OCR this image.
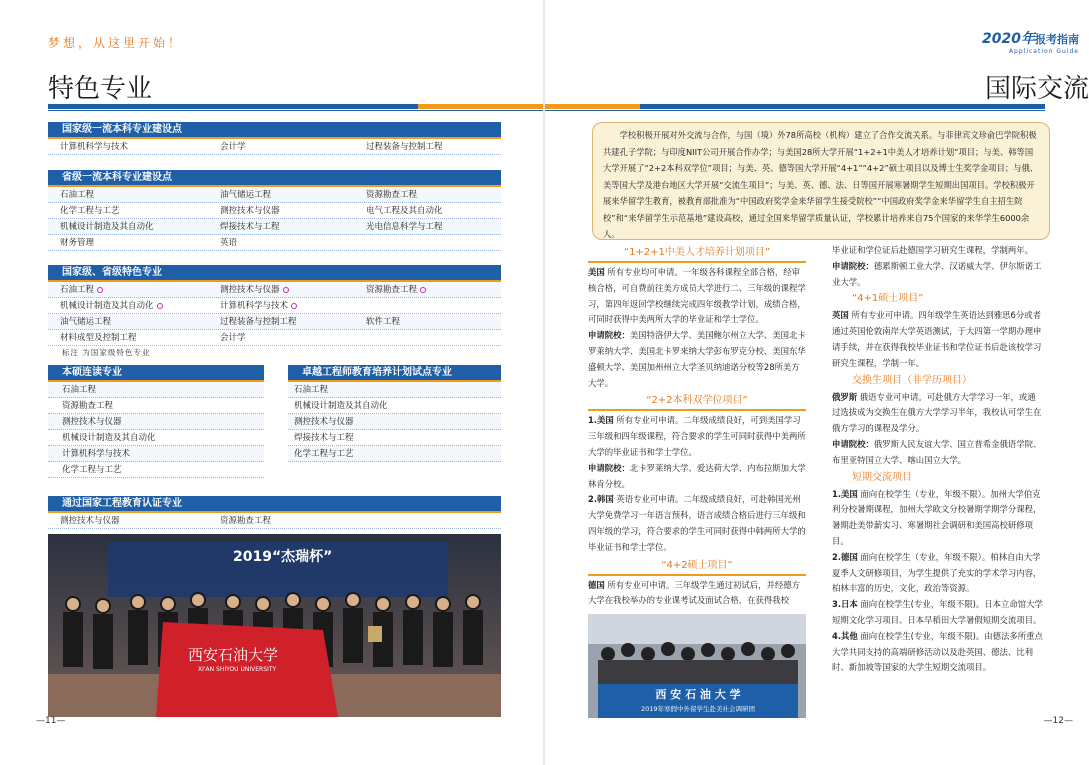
梦想，从这里开始！
特色专业
国家级一流本科专业建设点
计算机科学与技术	会计学	过程装备与控制工程
省级一流本科专业建设点
石油工程	油气储运工程	资源勘查工程
化学工程与工艺	测控技术与仪器	电气工程及其自动化
机械设计制造及其自动化	焊接技术与工程	光电信息科学与工程
财务管理	英语
国家级、省级特色专业
石油工程	测控技术与仪器	资源勘查工程
机械设计制造及其自动化	计算机科学与技术
油气储运工程	过程装备与控制工程	软件工程
材料成型及控制工程	会计学
标注 为国家级特色专业
本硕连读专业
石油工程
资源勘查工程
测控技术与仪器
机械设计制造及其自动化
计算机科学与技术
化学工程与工艺
卓越工程师教育培养计划试点专业
石油工程
机械设计制造及其自动化
测控技术与仪器
焊接技术与工程
化学工程与工艺
通过国家工程教育认证专业
测控技术与仪器	资源勘查工程
2019“杰瑞杯”
西安石油大学
XI'AN SHIYOU UNIVERSITY
—11—
2020年报考指南
Application Guide
国际交流

学校积极开展对外交流与合作，与国（境）外78所高校（机构）建立了合作交流关系。与菲律宾文珍俞巴学院积极共建孔子学院；与印度NIIT公司开展合作办学；与美国28所大学开展“1+2+1中美人才培养计划”项目；与美、韩等国大学开展了“2+2本科双学位”项目；与美、英、德等国大学开展“4+1”“4+2”硕士项目以及博士生奖学金项目；与俄、美等国大学及港台地区大学开展“交流生项目”；与美、英、德、法、日等国开展寒暑期学生短期出国项目。学校积极开展来华留学生教育，被教育部批准为“中国政府奖学金来华留学生接受院校”“中国政府奖学金来华留学生自主招生院校”和“来华留学生示范基地”建设高校，通过全国来华留学质量认证，学校累计培养来自75个国家的来华学生6000余人。

“1+2+1中美人才培养计划项目”

美国 所有专业均可申请。一年级各科课程全部合格，经审核合格，可自费前往美方成员大学进行二、三年级的课程学习，第四年返回学校继续完成四年级教学计划，成绩合格，可同时获得中美两所大学的毕业证和学士学位。

申请院校：美国特洛伊大学、美国鲍尔州立大学、美国北卡罗莱纳大学、美国北卡罗来纳大学彭布罗克分校、美国东华盛顿大学、美国加州州立大学圣贝纳迪诺分校等28所美方大学。

“2+2本科双学位项目”

1.美国 所有专业可申请。二年级成绩良好，可到美国学习三年级和四年级课程，符合要求的学生可同时获得中美两所大学的毕业证书和学士学位。

申请院校：北卡罗莱纳大学、爱达荷大学、内布拉斯加大学林肯分校。

2.韩国 英语专业可申请。二年级成绩良好，可赴韩国光州大学免费学习一年语言预科，语言成绩合格后进行三年级和四年级的学习，符合要求的学生可同时获得中韩两所大学的毕业证书和学士学位。

“4+2硕士项目”

德国 所有专业可申请。三年级学生通过初试后，并经德方大学在我校举办的专业课考试及面试合格，在获得我校

西 安 石 油 大 学
2019年寒假中外留学生赴美社会调研团

毕业证和学位证后赴德国学习研究生课程，学制两年。

申请院校：德累斯顿工业大学、汉诺威大学、伊尔斯诺工业大学。

“4+1硕士项目”

英国 所有专业可申请。四年级学生英语达到雅思6分或者通过英国伦敦南岸大学英语测试，于大四第一学期办理申请手续，并在获得我校毕业证书和学位证书后赴该校学习研究生课程，学制一年。

交换生项目（非学历项目）

俄罗斯 俄语专业可申请。可赴俄方大学学习一年，或通过选拔成为交换生在俄方大学学习半年，我校认可学生在俄方学习的课程及学分。

申请院校：俄罗斯人民友谊大学、国立普希金俄语学院、布里亚特国立大学、喀山国立大学。

短期交流项目

1.美国 面向在校学生（专业，年级不限）。加州大学伯克利分校暑期课程，加州大学欧文分校暑期学期学分课程，暑期赴美带薪实习、寒暑期社会调研和美国高校研修项目。

2.德国 面向在校学生（专业，年级不限）。柏林自由大学夏季人文研修项目，为学生提供了充实的学术学习内容，柏林丰富的历史，文化，政治等资源。

3.日本 面向在校学生(专业，年级不限)。日本立命馆大学短期文化学习项目、日本早稻田大学暑假短期交流项目。

4.其他 面向在校学生(专业，年级不限)。由德法多所重点大学共同支持的高端研修活动以及赴英国、德法、比利时、新加坡等国家的大学生短期交流项目。

—12—
